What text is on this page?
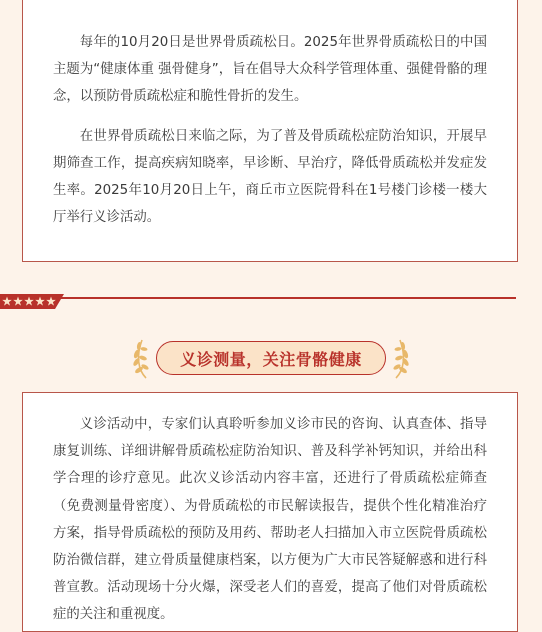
每年的10月20日是世界骨质疏松日。2025年世界骨质疏松日的中国主题为“健康体重 强骨健身”，旨在倡导大众科学管理体重、强健骨骼的理念，以预防骨质疏松症和脆性骨折的发生。

在世界骨质疏松日来临之际，为了普及骨质疏松症防治知识，开展早期筛查工作，提高疾病知晓率，早诊断、早治疗，降低骨质疏松并发症发生率。2025年10月20日上午，商丘市立医院骨科在1号楼门诊楼一楼大厅举行义诊活动。

义诊测量，关注骨骼健康

义诊活动中，专家们认真聆听参加义诊市民的咨询、认真查体、指导康复训练、详细讲解骨质疏松症防治知识、普及科学补钙知识，并给出科学合理的诊疗意见。此次义诊活动内容丰富，还进行了骨质疏松症筛查（免费测量骨密度）、为骨质疏松的市民解读报告，提供个性化精准治疗方案，指导骨质疏松的预防及用药、帮助老人扫描加入市立医院骨质疏松防治微信群，建立骨质量健康档案，以方便为广大市民答疑解惑和进行科普宣教。活动现场十分火爆，深受老人们的喜爱，提高了他们对骨质疏松症的关注和重视度。
